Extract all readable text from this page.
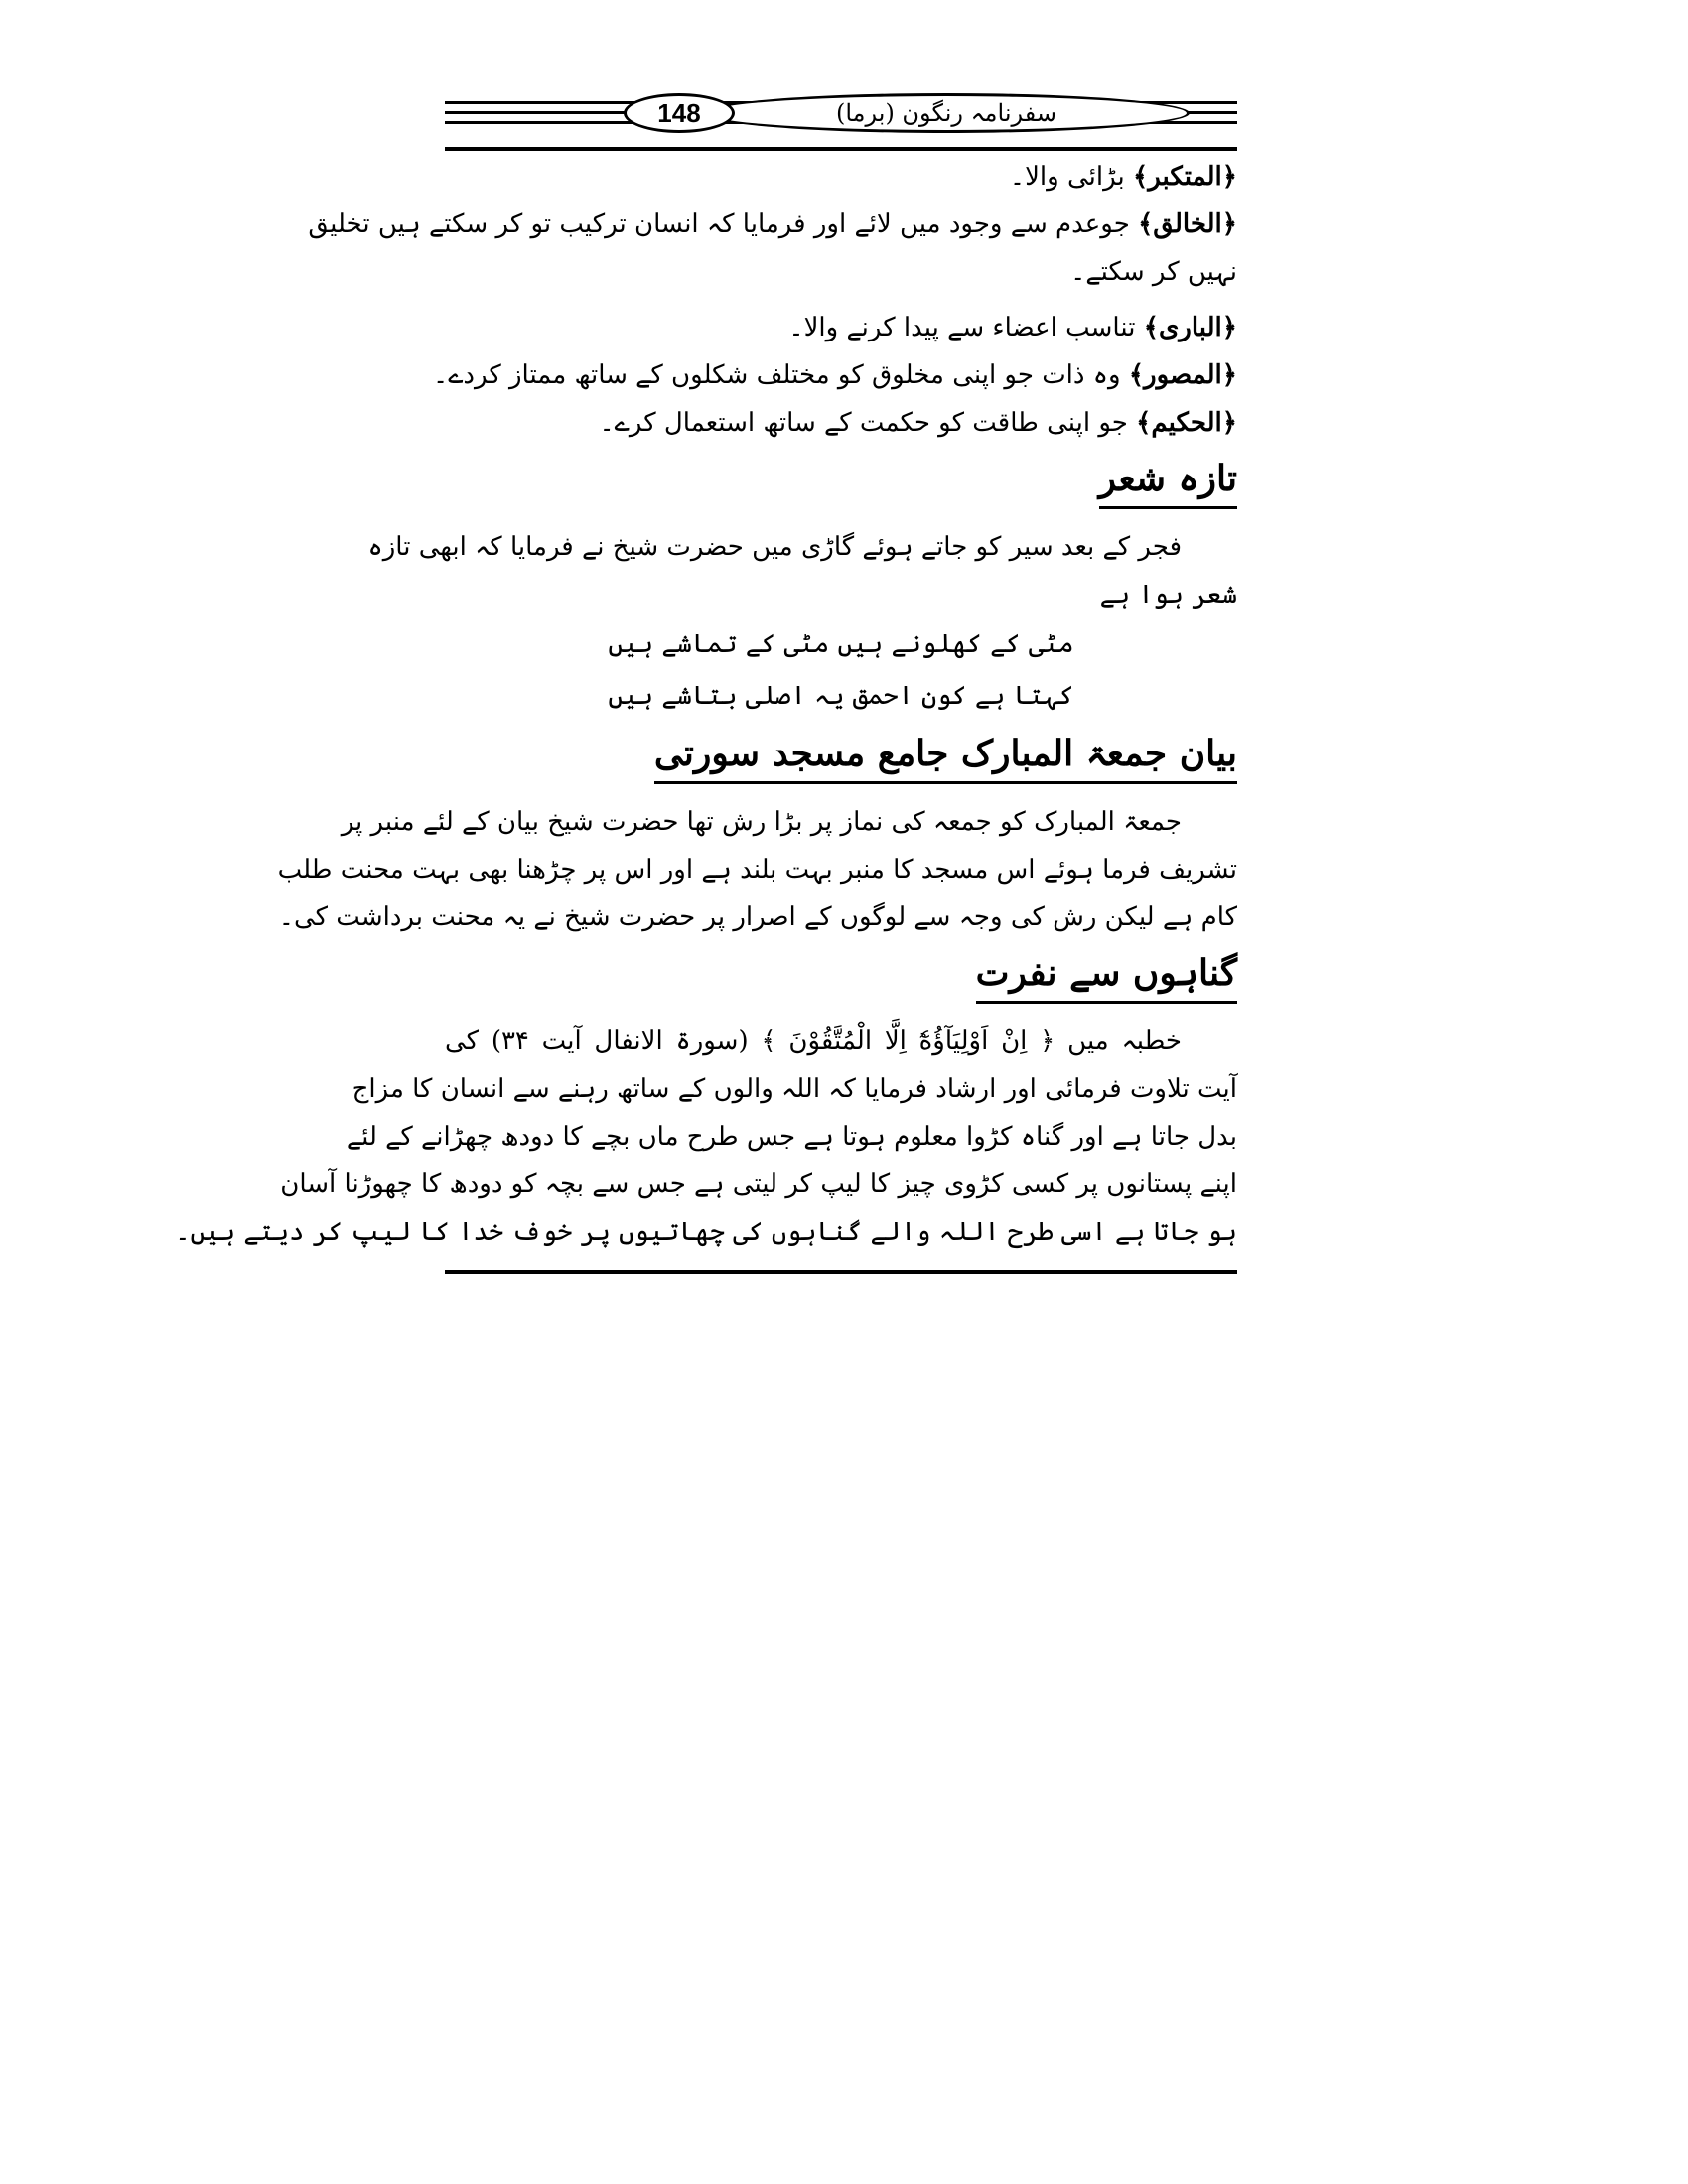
سفرنامہ رنگون (برما)
148
﴿المتکبر﴾ بڑائی والا۔
﴿الخالق﴾ جوعدم سے وجود میں لائے اور فرمایا کہ انسان ترکیب تو کر سکتے ہیں تخلیق
نہیں کر سکتے۔
﴿الباری﴾ تناسب اعضاء سے پیدا کرنے والا۔
﴿المصور﴾ وہ ذات جو اپنی مخلوق کو مختلف شکلوں کے ساتھ ممتاز کردے۔
﴿الحکیم﴾ جو اپنی طاقت کو حکمت کے ساتھ استعمال کرے۔
تازہ شعر
فجر کے بعد سیر کو جاتے ہوئے گاڑی میں حضرت شیخ نے فرمایا کہ ابھی تازہ
شعر ہوا ہے
مٹی کے کھلونے ہیں مٹی کے تماشے ہیں
کہتا ہے کون احمق یہ اصلی بتاشے ہیں
بیان جمعۃ المبارک جامع مسجد سورتی
جمعۃ المبارک کو جمعہ کی نماز پر بڑا رش تھا حضرت شیخ بیان کے لئے منبر پر
تشریف فرما ہوئے اس مسجد کا منبر بہت بلند ہے اور اس پر چڑھنا بھی بہت محنت طلب
کام ہے لیکن رش کی وجہ سے لوگوں کے اصرار پر حضرت شیخ نے یہ محنت برداشت کی۔
گناہوں سے نفرت
خطبہ میں ﴿ اِنْ اَوْلِيَآؤُهٗٓ اِلَّا الْمُتَّقُوْنَ ﴾ (سورۃ الانفال آیت ۳۴) کی
آیت تلاوت فرمائی اور ارشاد فرمایا کہ اللہ والوں کے ساتھ رہنے سے انسان کا مزاج
بدل جاتا ہے اور گناہ کڑوا معلوم ہوتا ہے جس طرح ماں بچے کا دودھ چھڑانے کے لئے
اپنے پستانوں پر کسی کڑوی چیز کا لیپ کر لیتی ہے جس سے بچہ کو دودھ کا چھوڑنا آسان
ہو جاتا ہے اسی طرح اللہ والے گناہوں کی چھاتیوں پر خوف خدا کا لیپ کر دیتے ہیں۔
